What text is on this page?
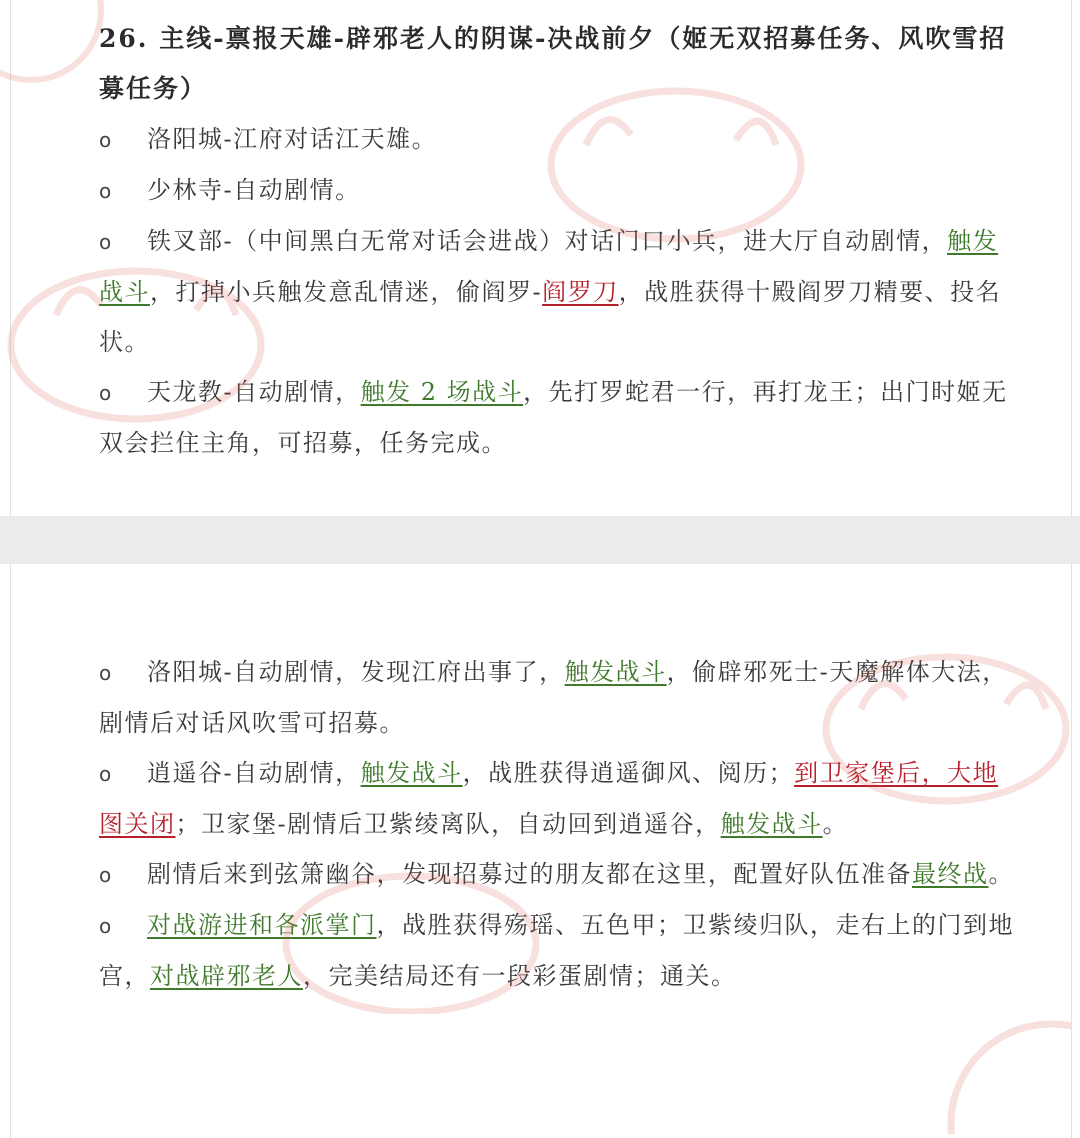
26. 主线-禀报天雄-辟邪老人的阴谋-决战前夕（姬无双招募任务、风吹雪招募任务）
o 洛阳城-江府对话江天雄。
o 少林寺-自动剧情。
o 铁叉部-（中间黑白无常对话会进战）对话门口小兵，进大厅自动剧情，触发战斗，打掉小兵触发意乱情迷，偷阎罗-阎罗刀，战胜获得十殿阎罗刀精要、投名状。
o 天龙教-自动剧情，触发 2 场战斗，先打罗蛇君一行，再打龙王；出门时姬无双会拦住主角，可招募，任务完成。
o 洛阳城-自动剧情，发现江府出事了，触发战斗，偷辟邪死士-天魔解体大法，剧情后对话风吹雪可招募。
o 逍遥谷-自动剧情，触发战斗，战胜获得逍遥御风、阅历；到卫家堡后，大地图关闭；卫家堡-剧情后卫紫绫离队，自动回到逍遥谷，触发战斗。
o 剧情后来到弦箫幽谷，发现招募过的朋友都在这里，配置好队伍准备最终战。
o 对战游进和各派掌门，战胜获得殇瑶、五色甲；卫紫绫归队，走右上的门到地宫，对战辟邪老人，完美结局还有一段彩蛋剧情；通关。
